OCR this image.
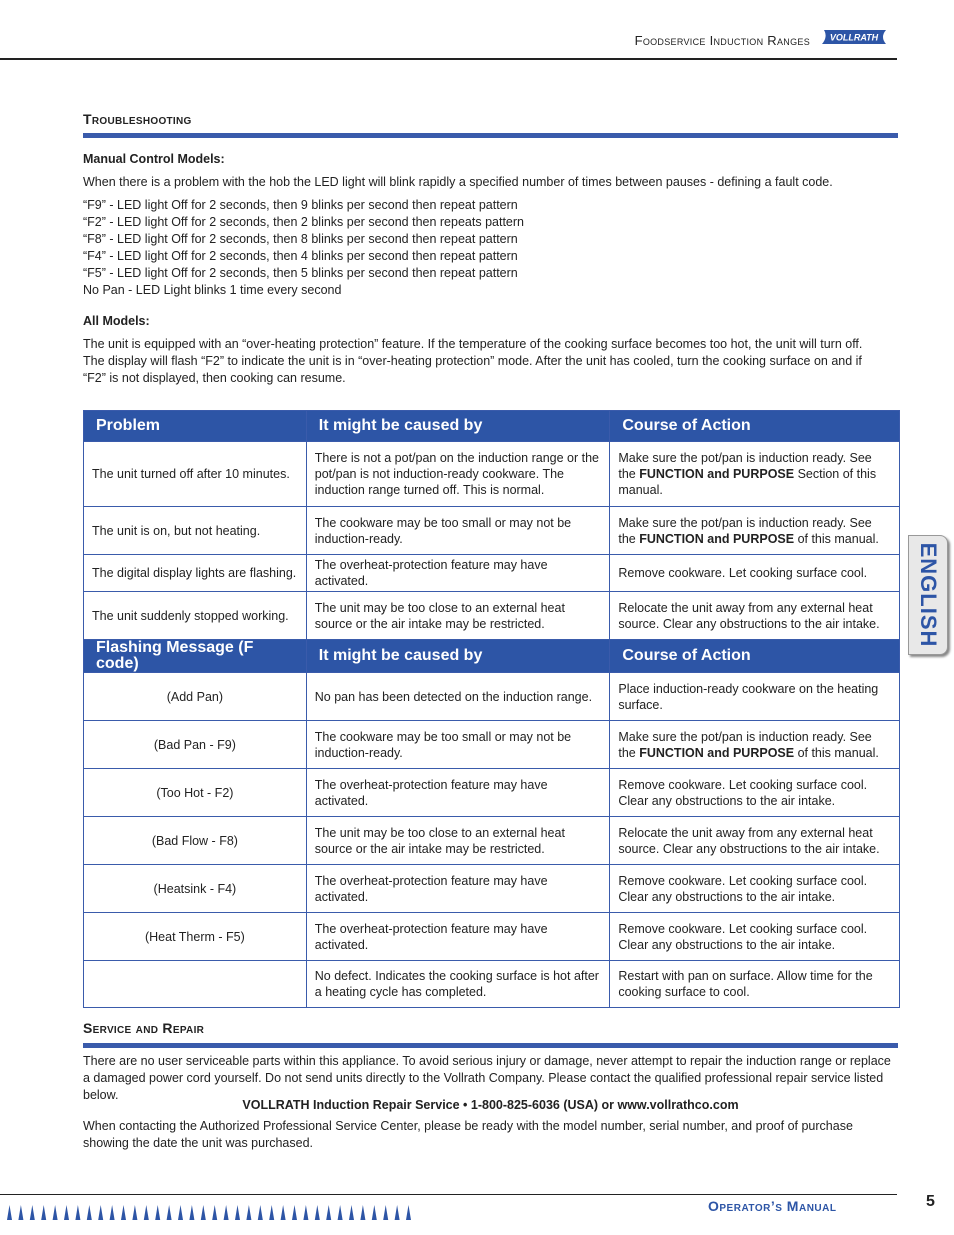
Foodservice Induction Ranges VOLLRATH
Troubleshooting
Manual Control Models:
When there is a problem with the hob the LED light will blink rapidly a specified number of times between pauses - defining a fault code.
“F9” - LED light Off for 2 seconds, then 9 blinks per second then repeat pattern
“F2” - LED light Off for 2 seconds, then 2 blinks per second then repeats pattern
“F8” - LED light Off for 2 seconds, then 8 blinks per second then repeat pattern
“F4” - LED light Off for 2 seconds, then 4 blinks per second then repeat pattern
“F5” - LED light Off for 2 seconds, then 5 blinks per second then repeat pattern
No Pan - LED Light blinks 1 time every second
All Models:
The unit is equipped with an “over-heating protection” feature. If the temperature of the cooking surface becomes too hot, the unit will turn off. The display will flash “F2” to indicate the unit is in “over-heating protection” mode. After the unit has cooled, turn the cooking surface on and if “F2” is not displayed, then cooking can resume.
Problem	It might be caused by	Course of Action
The unit turned off after 10 minutes.	There is not a pot/pan on the induction range or the pot/pan is not induction-ready cookware. The induction range turned off. This is normal.	Make sure the pot/pan is induction ready. See the FUNCTION and PURPOSE Section of this manual.
The unit is on, but not heating.	The cookware may be too small or may not be induction-ready.	Make sure the pot/pan is induction ready. See the FUNCTION and PURPOSE of this manual.
The digital display lights are flashing.	The overheat-protection feature may have activated.	Remove cookware. Let cooking surface cool.
The unit suddenly stopped working.	The unit may be too close to an external heat source or the air intake may be restricted.	Relocate the unit away from any external heat source. Clear any obstructions to the air intake.
Flashing Message (F code)	It might be caused by	Course of Action
(Add Pan)	No pan has been detected on the induction range.	Place induction-ready cookware on the heating surface.
(Bad Pan - F9)	The cookware may be too small or may not be induction-ready.	Make sure the pot/pan is induction ready. See the FUNCTION and PURPOSE of this manual.
(Too Hot - F2)	The overheat-protection feature may have activated.	Remove cookware. Let cooking surface cool. Clear any obstructions to the air intake.
(Bad Flow - F8)	The unit may be too close to an external heat source or the air intake may be restricted.	Relocate the unit away from any external heat source. Clear any obstructions to the air intake.
(Heatsink - F4)	The overheat-protection feature may have activated.	Remove cookware. Let cooking surface cool. Clear any obstructions to the air intake.
(Heat Therm - F5)	The overheat-protection feature may have activated.	Remove cookware. Let cooking surface cool. Clear any obstructions to the air intake.
	No defect. Indicates the cooking surface is hot after a heating cycle has completed.	Restart with pan on surface. Allow time for the cooking surface to cool.
ENGLISH
Service and Repair
There are no user serviceable parts within this appliance. To avoid serious injury or damage, never attempt to repair the induction range or replace a damaged power cord yourself. Do not send units directly to the Vollrath Company. Please contact the qualified professional repair service listed below.
VOLLRATH Induction Repair Service • 1-800-825-6036 (USA) or www.vollrathco.com
When contacting the Authorized Professional Service Center, please be ready with the model number, serial number, and proof of purchase showing the date the unit was purchased.
Operator’s Manual	5
